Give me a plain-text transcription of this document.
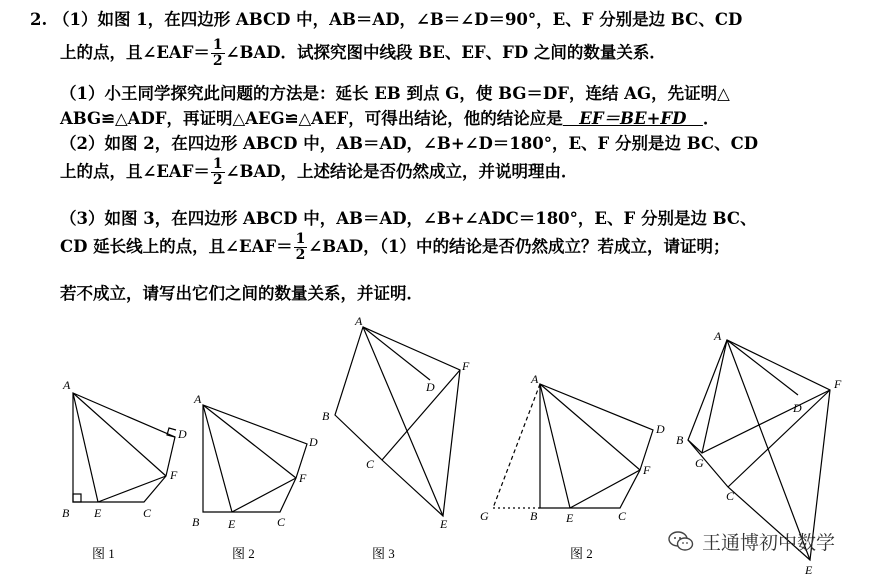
2. （1）如图 1，在四边形 ABCD 中，AB＝AD，∠B＝∠D＝90°，E、F 分别是边 BC、CD
上的点，且∠EAF＝ $\frac{1}{2}$ ∠BAD．试探究图中线段 BE、EF、FD 之间的数量关系．
（1）小王同学探究此问题的方法是：延长 EB 到点 G，使 BG＝DF，连结 AG，先证明△
ABG≌△ADF，再证明△AEG≌△AEF，可得出结论，他的结论应是　EF＝BE+FD　．
（2）如图 2，在四边形 ABCD 中，AB＝AD，∠B+∠D＝180°，E、F 分别是边 BC、CD
上的点，且∠EAF＝ $\frac{1}{2}$ ∠BAD，上述结论是否仍然成立，并说明理由．
（3）如图 3，在四边形 ABCD 中，AB＝AD，∠B+∠ADC＝180°，E、F 分别是边 BC、
CD 延长线上的点，且∠EAF＝ $\frac{1}{2}$ ∠BAD，（1）中的结论是否仍然成立？若成立，请证明；
若不成立，请写出它们之间的数量关系，并证明．
A
B E	C
F
D
A
B E	C
F
D
A
B
C
D
E
F
A
G	B E	C
F
D
A
B
G
C
D
E
F
图 1	图 2	图 3	图 2	王通博初中数学
